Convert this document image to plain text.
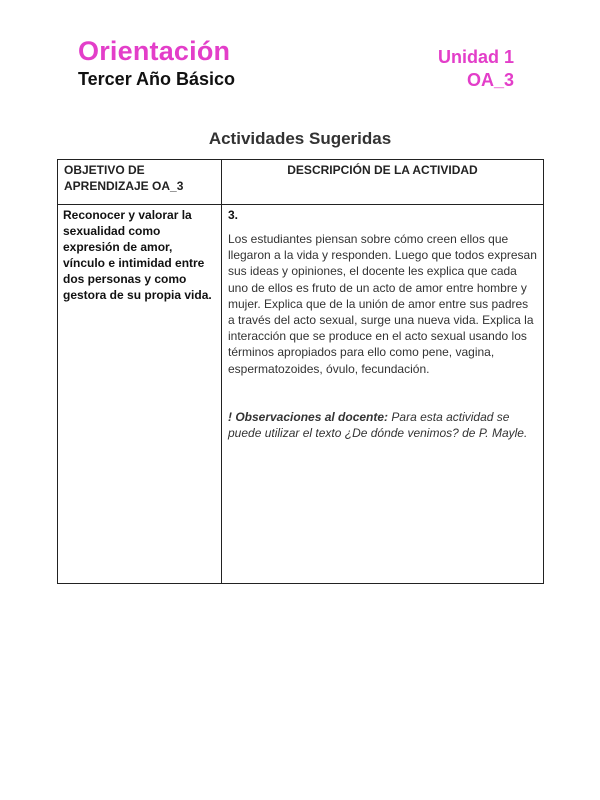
Orientación
Tercer Año Básico
Unidad 1
OA_3
Actividades Sugeridas
OBJETIVO DE APRENDIZAJE OA_3	DESCRIPCIÓN DE LA ACTIVIDAD
Reconocer y valorar la sexualidad como expresión de amor, vínculo e intimidad entre dos personas y como gestora de su propia vida.	3.

Los estudiantes piensan sobre cómo creen ellos que llegaron a la vida y responden. Luego que todos expresan sus ideas y opiniones, el docente les explica que cada uno de ellos es fruto de un acto de amor entre hombre y mujer. Explica que de la unión de amor entre sus padres a través del acto sexual, surge una nueva vida. Explica la interacción que se produce en el acto sexual usando los términos apropiados para ello como pene, vagina, espermatozoides, óvulo, fecundación.

! Observaciones al docente: Para esta actividad se puede utilizar el texto ¿De dónde venimos? de P. Mayle.
